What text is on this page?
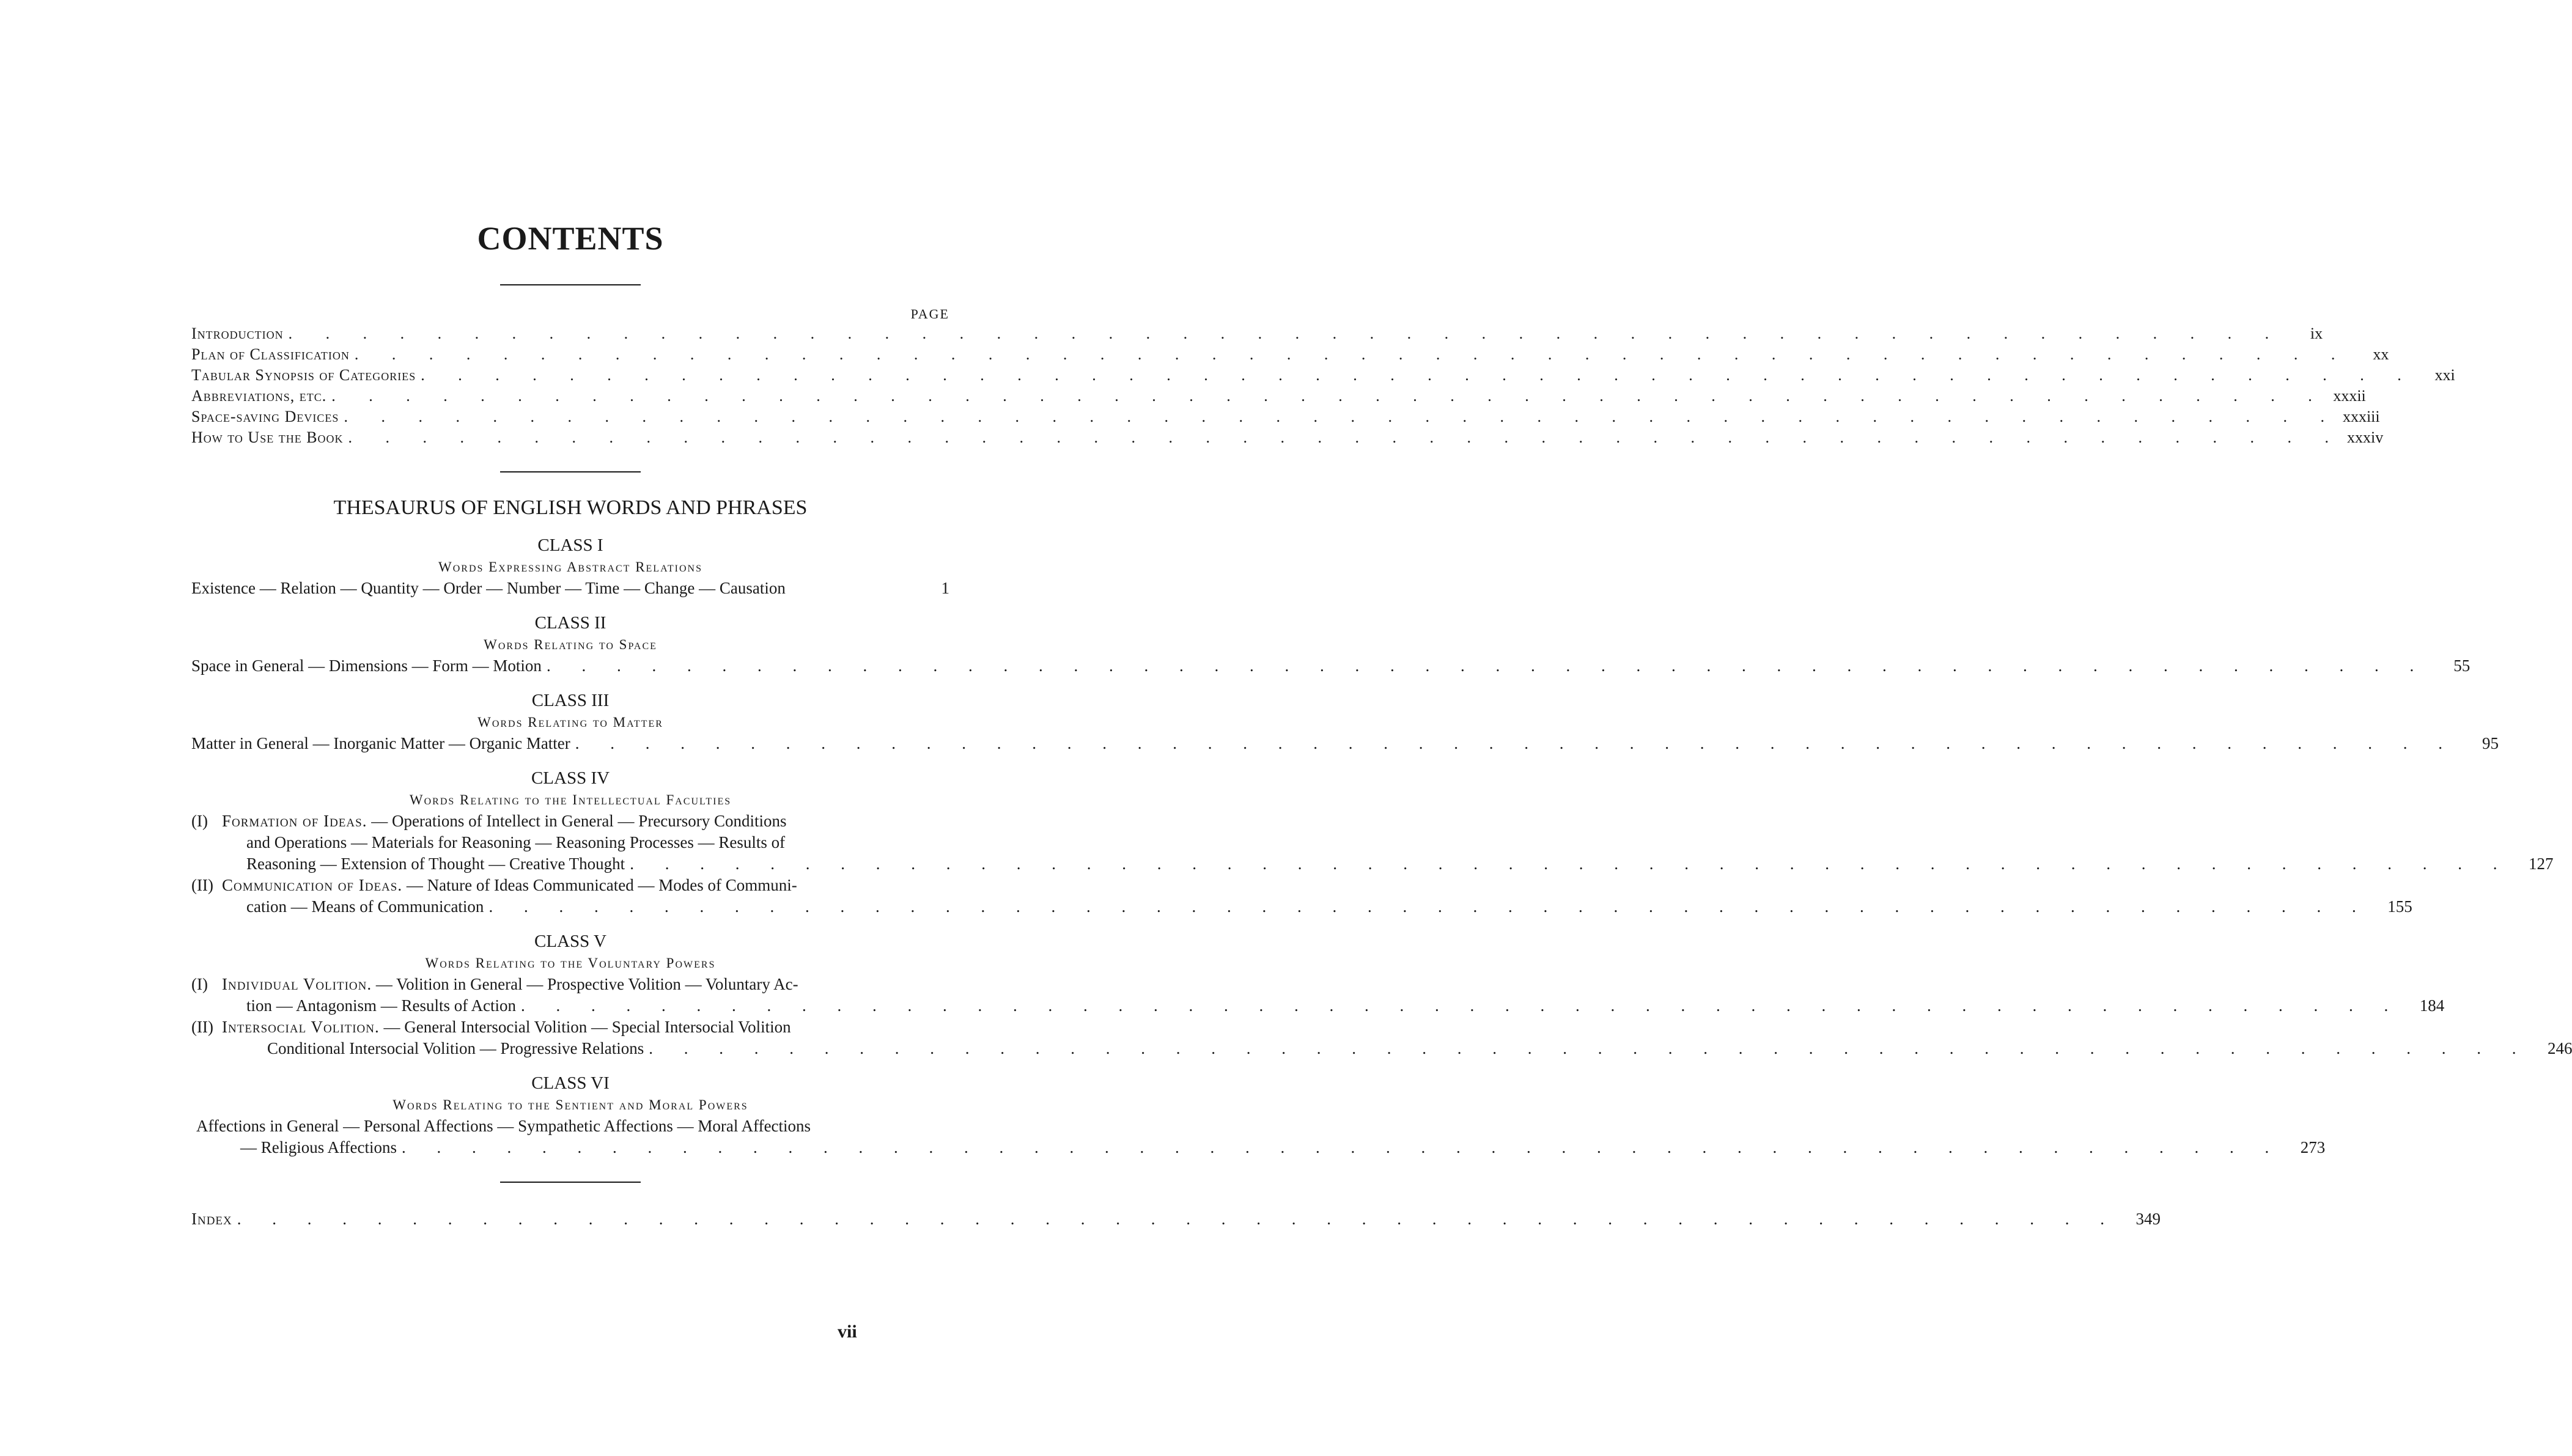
CONTENTS
PAGE
Introduction . . .	ix
Plan of Classification . . .	xx
Tabular Synopsis of Categories . . .	xxi
Abbreviations, etc. . . .	xxxii
Space-saving Devices . . .	xxxiii
How to Use the Book . . .	xxxiv
THESAURUS OF ENGLISH WORDS AND PHRASES
CLASS I
Words Expressing Abstract Relations
Existence — Relation — Quantity — Order — Number — Time — Change — Causation	1
CLASS II
Words Relating to Space
Space in General — Dimensions — Form — Motion . . .	55
CLASS III
Words Relating to Matter
Matter in General — Inorganic Matter — Organic Matter . . .	95
CLASS IV
Words Relating to the Intellectual Faculties
(I) Formation of Ideas. — Operations of Intellect in General — Precursory Conditions
and Operations — Materials for Reasoning — Reasoning Processes — Results of
Reasoning — Extension of Thought — Creative Thought . . .	127
(II) Communication of Ideas. — Nature of Ideas Communicated — Modes of Communi-
cation — Means of Communication . . .	155
CLASS V
Words Relating to the Voluntary Powers
(I) Individual Volition. — Volition in General — Prospective Volition — Voluntary Ac-
tion — Antagonism — Results of Action . . .	184
(II) Intersocial Volition. — General Intersocial Volition — Special Intersocial Volition
Conditional Intersocial Volition — Progressive Relations . . .	246
CLASS VI
Words Relating to the Sentient and Moral Powers
Affections in General — Personal Affections — Sympathetic Affections — Moral Affections
— Religious Affections . . .	273
Index . . .	349
vii
